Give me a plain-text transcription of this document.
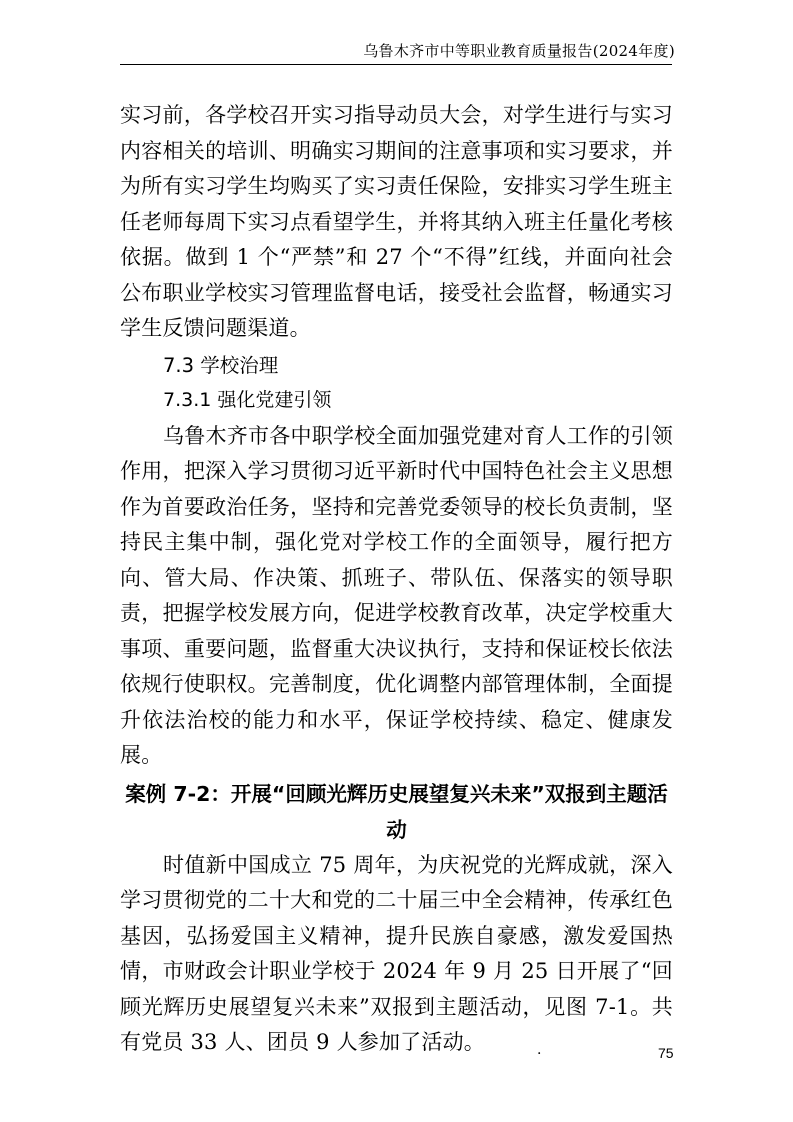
乌鲁木齐市中等职业教育质量报告(2024年度)

实习前，各学校召开实习指导动员大会，对学生进行与实习内容相关的培训、明确实习期间的注意事项和实习要求，并为所有实习学生均购买了实习责任保险，安排实习学生班主任老师每周下实习点看望学生，并将其纳入班主任量化考核依据。做到 1 个“严禁”和 27 个“不得”红线，并面向社会公布职业学校实习管理监督电话，接受社会监督，畅通实习学生反馈问题渠道。

7.3 学校治理
7.3.1 强化党建引领

乌鲁木齐市各中职学校全面加强党建对育人工作的引领作用，把深入学习贯彻习近平新时代中国特色社会主义思想作为首要政治任务，坚持和完善党委领导的校长负责制，坚持民主集中制，强化党对学校工作的全面领导，履行把方向、管大局、作决策、抓班子、带队伍、保落实的领导职责，把握学校发展方向，促进学校教育改革，决定学校重大事项、重要问题，监督重大决议执行，支持和保证校长依法依规行使职权。完善制度，优化调整内部管理体制，全面提升依法治校的能力和水平，保证学校持续、稳定、健康发展。

案例 7-2：开展“回顾光辉历史展望复兴未来”双报到主题活动

时值新中国成立 75 周年，为庆祝党的光辉成就，深入学习贯彻党的二十大和党的二十届三中全会精神，传承红色基因，弘扬爱国主义精神，提升民族自豪感，激发爱国热情，市财政会计职业学校于 2024 年 9 月 25 日开展了“回顾光辉历史展望复兴未来”双报到主题活动，见图 7-1。共有党员 33 人、团员 9 人参加了活动。	·	75
